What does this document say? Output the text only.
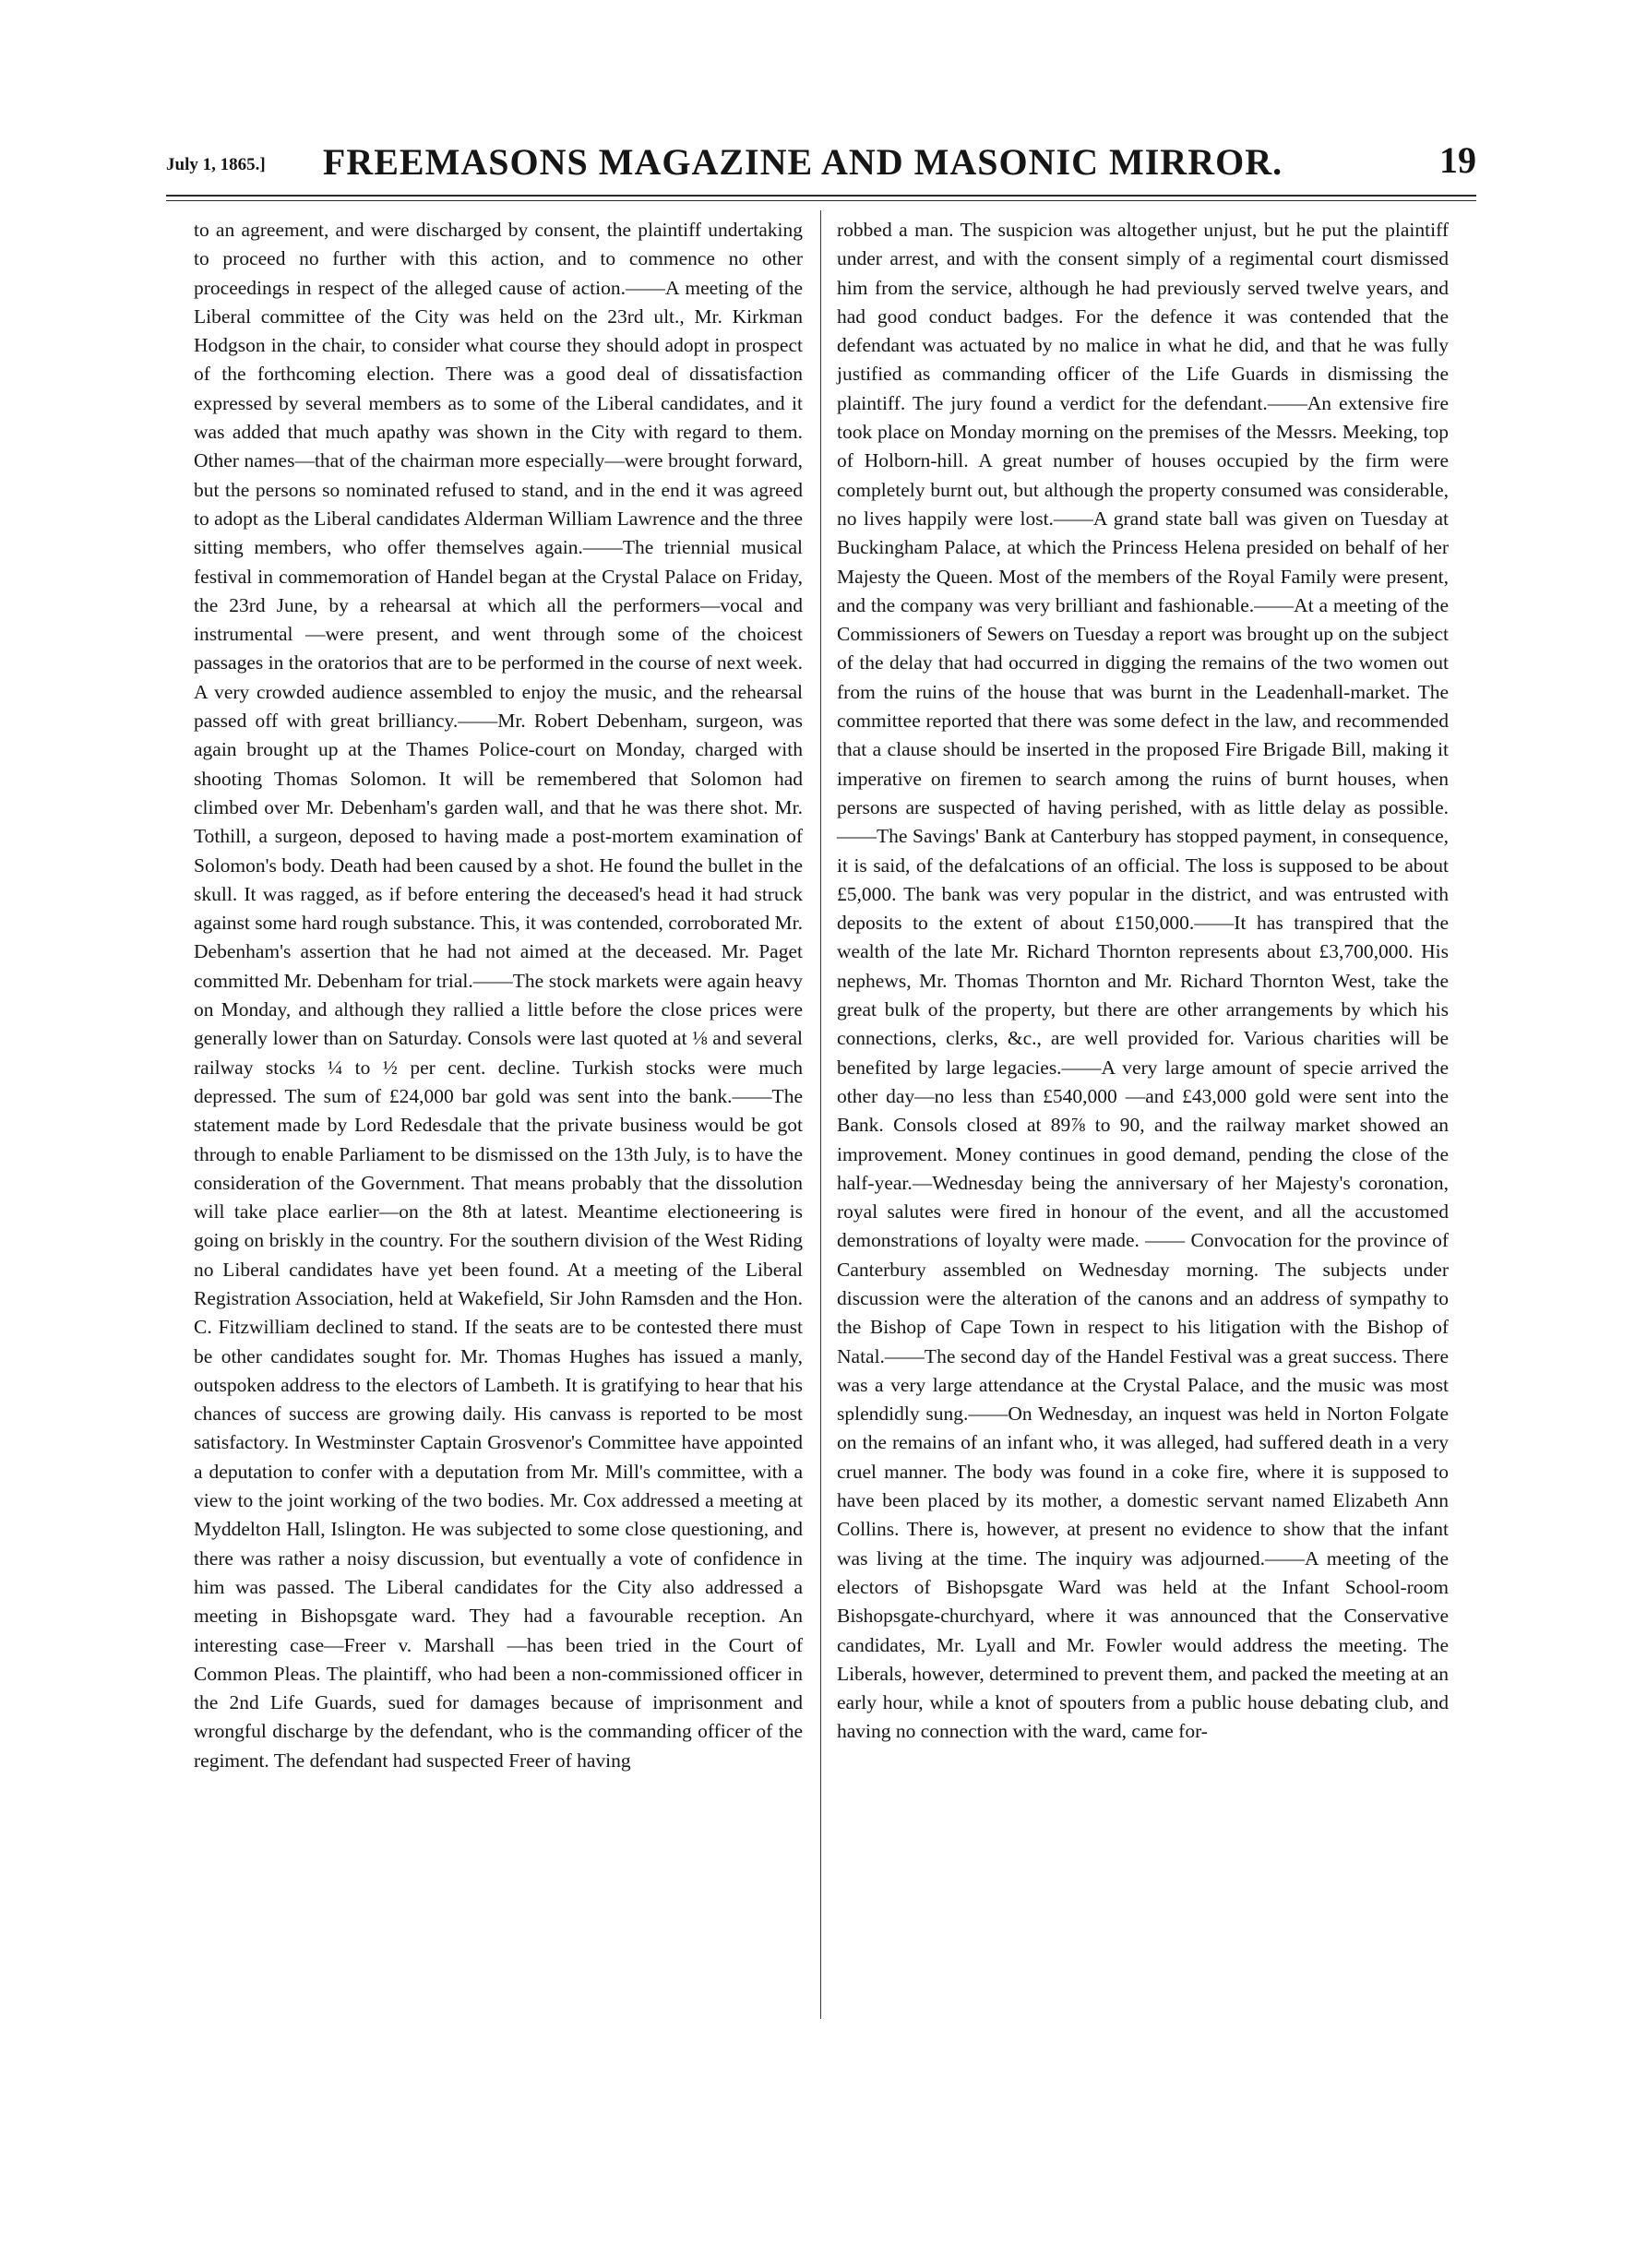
July 1, 1865.]	FREEMASONS MAGAZINE AND MASONIC MIRROR.	19

to an agreement, and were discharged by consent, the plaintiff undertaking to proceed no further with this action, and to commence no other proceedings in respect of the alleged cause of action.——A meeting of the Liberal committee of the City was held on the 23rd ult., Mr. Kirkman Hodgson in the chair, to consider what course they should adopt in prospect of the forthcoming election. There was a good deal of dissatisfaction expressed by several members as to some of the Liberal candidates, and it was added that much apathy was shown in the City with regard to them. Other names—that of the chairman more especially—were brought forward, but the persons so nominated refused to stand, and in the end it was agreed to adopt as the Liberal candidates Alderman William Lawrence and the three sitting members, who offer themselves again.——The triennial musical festival in commemoration of Handel began at the Crystal Palace on Friday, the 23rd June, by a rehearsal at which all the performers—vocal and instrumental —were present, and went through some of the choicest passages in the oratorios that are to be performed in the course of next week. A very crowded audience assembled to enjoy the music, and the rehearsal passed off with great brilliancy.——Mr. Robert Debenham, surgeon, was again brought up at the Thames Police-court on Monday, charged with shooting Thomas Solomon. It will be remembered that Solomon had climbed over Mr. Debenham's garden wall, and that he was there shot. Mr. Tothill, a surgeon, deposed to having made a post-mortem examination of Solomon's body. Death had been caused by a shot. He found the bullet in the skull. It was ragged, as if before entering the deceased's head it had struck against some hard rough substance. This, it was contended, corroborated Mr. Debenham's assertion that he had not aimed at the deceased. Mr. Paget committed Mr. Debenham for trial.——The stock markets were again heavy on Monday, and although they rallied a little before the close prices were generally lower than on Saturday. Consols were last quoted at ⅛ and several railway stocks ¼ to ½ per cent. decline. Turkish stocks were much depressed. The sum of £24,000 bar gold was sent into the bank.——The statement made by Lord Redesdale that the private business would be got through to enable Parliament to be dismissed on the 13th July, is to have the consideration of the Government. That means probably that the dissolution will take place earlier—on the 8th at latest. Meantime electioneering is going on briskly in the country. For the southern division of the West Riding no Liberal candidates have yet been found. At a meeting of the Liberal Registration Association, held at Wakefield, Sir John Ramsden and the Hon. C. Fitzwilliam declined to stand. If the seats are to be contested there must be other candidates sought for. Mr. Thomas Hughes has issued a manly, outspoken address to the electors of Lambeth. It is gratifying to hear that his chances of success are growing daily. His canvass is reported to be most satisfactory. In Westminster Captain Grosvenor's Committee have appointed a deputation to confer with a deputation from Mr. Mill's committee, with a view to the joint working of the two bodies. Mr. Cox addressed a meeting at Myddelton Hall, Islington. He was subjected to some close questioning, and there was rather a noisy discussion, but eventually a vote of confidence in him was passed. The Liberal candidates for the City also addressed a meeting in Bishopsgate ward. They had a favourable reception. An interesting case—Freer v. Marshall —has been tried in the Court of Common Pleas. The plaintiff, who had been a non-commissioned officer in the 2nd Life Guards, sued for damages because of imprisonment and wrongful discharge by the defendant, who is the commanding officer of the regiment. The defendant had suspected Freer of having

robbed a man. The suspicion was altogether unjust, but he put the plaintiff under arrest, and with the consent simply of a regimental court dismissed him from the service, although he had previously served twelve years, and had good conduct badges. For the defence it was contended that the defendant was actuated by no malice in what he did, and that he was fully justified as commanding officer of the Life Guards in dismissing the plaintiff. The jury found a verdict for the defendant.——An extensive fire took place on Monday morning on the premises of the Messrs. Meeking, top of Holborn-hill. A great number of houses occupied by the firm were completely burnt out, but although the property consumed was considerable, no lives happily were lost.——A grand state ball was given on Tuesday at Buckingham Palace, at which the Princess Helena presided on behalf of her Majesty the Queen. Most of the members of the Royal Family were present, and the company was very brilliant and fashionable.——At a meeting of the Commissioners of Sewers on Tuesday a report was brought up on the subject of the delay that had occurred in digging the remains of the two women out from the ruins of the house that was burnt in the Leadenhall-market. The committee reported that there was some defect in the law, and recommended that a clause should be inserted in the proposed Fire Brigade Bill, making it imperative on firemen to search among the ruins of burnt houses, when persons are suspected of having perished, with as little delay as possible.——The Savings' Bank at Canterbury has stopped payment, in consequence, it is said, of the defalcations of an official. The loss is supposed to be about £5,000. The bank was very popular in the district, and was entrusted with deposits to the extent of about £150,000.——It has transpired that the wealth of the late Mr. Richard Thornton represents about £3,700,000. His nephews, Mr. Thomas Thornton and Mr. Richard Thornton West, take the great bulk of the property, but there are other arrangements by which his connections, clerks, &c., are well provided for. Various charities will be benefited by large legacies.——A very large amount of specie arrived the other day—no less than £540,000 —and £43,000 gold were sent into the Bank. Consols closed at 89⅞ to 90, and the railway market showed an improvement. Money continues in good demand, pending the close of the half-year.—Wednesday being the anniversary of her Majesty's coronation, royal salutes were fired in honour of the event, and all the accustomed demonstrations of loyalty were made. —— Convocation for the province of Canterbury assembled on Wednesday morning. The subjects under discussion were the alteration of the canons and an address of sympathy to the Bishop of Cape Town in respect to his litigation with the Bishop of Natal.——The second day of the Handel Festival was a great success. There was a very large attendance at the Crystal Palace, and the music was most splendidly sung.——On Wednesday, an inquest was held in Norton Folgate on the remains of an infant who, it was alleged, had suffered death in a very cruel manner. The body was found in a coke fire, where it is supposed to have been placed by its mother, a domestic servant named Elizabeth Ann Collins. There is, however, at present no evidence to show that the infant was living at the time. The inquiry was adjourned.——A meeting of the electors of Bishopsgate Ward was held at the Infant School-room Bishopsgate-churchyard, where it was announced that the Conservative candidates, Mr. Lyall and Mr. Fowler would address the meeting. The Liberals, however, determined to prevent them, and packed the meeting at an early hour, while a knot of spouters from a public house debating club, and having no connection with the ward, came for-
